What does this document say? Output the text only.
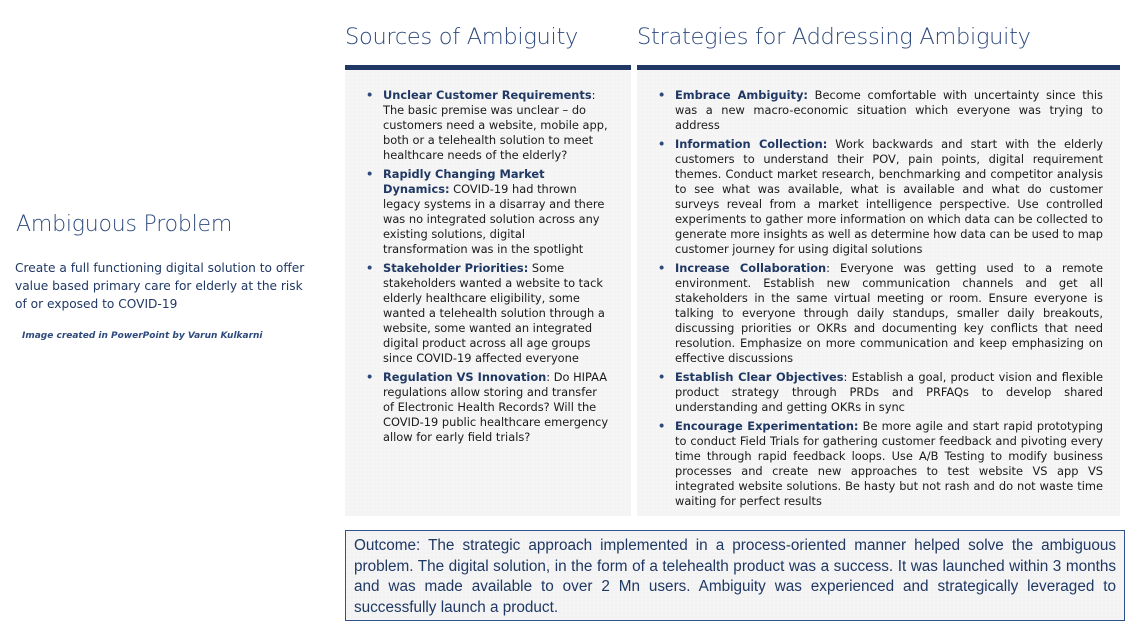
Ambiguous Problem
Create a full functioning digital solution to offer value based primary care for elderly at the risk of or exposed to COVID-19
Image created in PowerPoint by Varun Kulkarni
Sources of Ambiguity	Strategies for Addressing Ambiguity
• Unclear Customer Requirements: The basic premise was unclear – do customers need a website, mobile app, both or a telehealth solution to meet healthcare needs of the elderly?
• Rapidly Changing Market Dynamics: COVID-19 had thrown legacy systems in a disarray and there was no integrated solution across any existing solutions, digital transformation was in the spotlight
• Stakeholder Priorities: Some stakeholders wanted a website to tack elderly healthcare eligibility, some wanted a telehealth solution through a website, some wanted an integrated digital product across all age groups since COVID-19 affected everyone
• Regulation VS Innovation: Do HIPAA regulations allow storing and transfer of Electronic Health Records? Will the COVID-19 public healthcare emergency allow for early field trials?
• Embrace Ambiguity: Become comfortable with uncertainty since this was a new macro-economic situation which everyone was trying to address
• Information Collection: Work backwards and start with the elderly customers to understand their POV, pain points, digital requirement themes. Conduct market research, benchmarking and competitor analysis to see what was available, what is available and what do customer surveys reveal from a market intelligence perspective. Use controlled experiments to gather more information on which data can be collected to generate more insights as well as determine how data can be used to map customer journey for using digital solutions
• Increase Collaboration: Everyone was getting used to a remote environment. Establish new communication channels and get all stakeholders in the same virtual meeting or room. Ensure everyone is talking to everyone through daily standups, smaller daily breakouts, discussing priorities or OKRs and documenting key conflicts that need resolution. Emphasize on more communication and keep emphasizing on effective discussions
• Establish Clear Objectives: Establish a goal, product vision and flexible product strategy through PRDs and PRFAQs to develop shared understanding and getting OKRs in sync
• Encourage Experimentation: Be more agile and start rapid prototyping to conduct Field Trials for gathering customer feedback and pivoting every time through rapid feedback loops. Use A/B Testing to modify business processes and create new approaches to test website VS app VS integrated website solutions. Be hasty but not rash and do not waste time waiting for perfect results
Outcome: The strategic approach implemented in a process-oriented manner helped solve the ambiguous problem. The digital solution, in the form of a telehealth product was a success. It was launched within 3 months and was made available to over 2 Mn users. Ambiguity was experienced and strategically leveraged to successfully launch a product.
